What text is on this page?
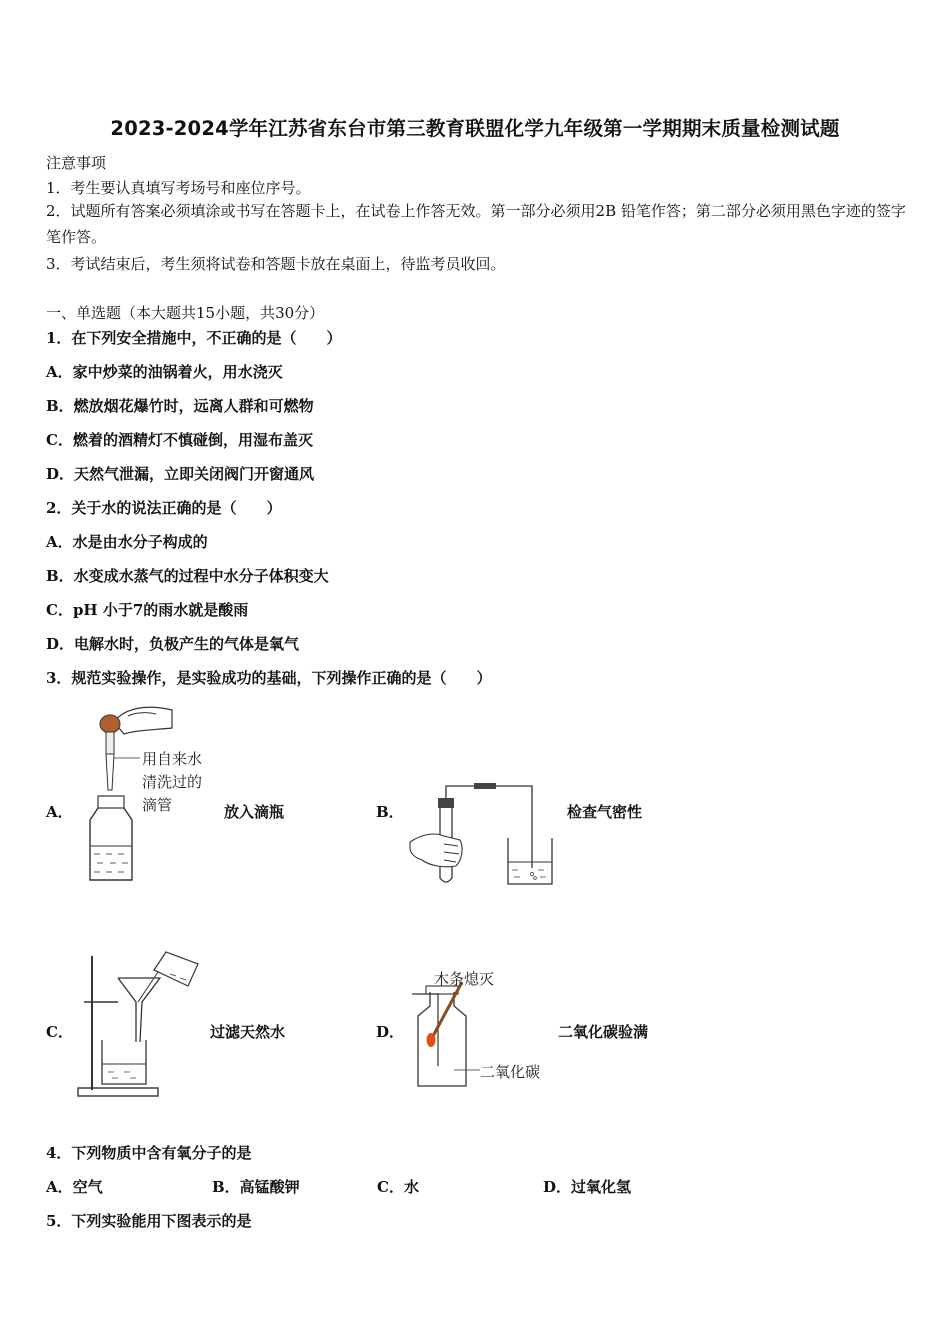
2023-2024学年江苏省东台市第三教育联盟化学九年级第一学期期末质量检测试题
注意事项
1．考生要认真填写考场号和座位序号。
2．试题所有答案必须填涂或书写在答题卡上，在试卷上作答无效。第一部分必须用2B 铅笔作答；第二部分必须用黑色字迹的签字笔作答。
3．考试结束后，考生须将试卷和答题卡放在桌面上，待监考员收回。
一、单选题（本大题共15小题，共30分）
1．在下列安全措施中，不正确的是（　　）
A．家中炒菜的油锅着火，用水浇灭
B．燃放烟花爆竹时，远离人群和可燃物
C．燃着的酒精灯不慎碰倒，用湿布盖灭
D．天然气泄漏，立即关闭阀门开窗通风
2．关于水的说法正确的是（　　）
A．水是由水分子构成的
B．水变成水蒸气的过程中水分子体积变大
C．pH 小于7的雨水就是酸雨
D．电解水时，负极产生的气体是氧气
3．规范实验操作，是实验成功的基础，下列操作正确的是（　　）
A．
用自来水
清洗过的
滴管	放入滴瓶	B．	检查气密性
C．	过滤天然水	D．
木条熄灭
二氧化碳
二氧化碳验满
4．下列物质中含有氧分子的是
A．空气	B．高锰酸钾	C．水	D．过氧化氢
5．下列实验能用下图表示的是
